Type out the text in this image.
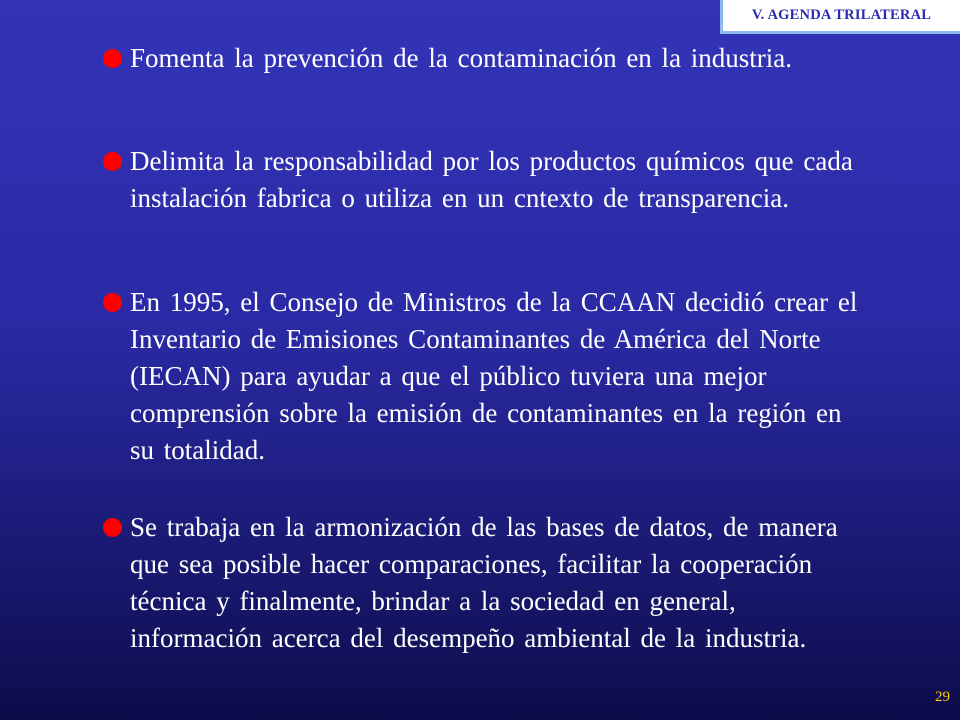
V. AGENDA TRILATERAL
Fomenta la prevención de la contaminación en la industria.
Delimita la responsabilidad por los productos químicos que cada instalación fabrica o utiliza en un cntexto de transparencia.
En 1995, el Consejo de Ministros de la CCAAN decidió crear el Inventario de Emisiones Contaminantes de América del Norte (IECAN) para ayudar a que el público tuviera una mejor comprensión sobre la emisión de contaminantes en la región en su totalidad.
Se trabaja en la armonización de las bases de datos, de manera que sea posible hacer comparaciones, facilitar la cooperación técnica y finalmente, brindar a la sociedad en general, información acerca del desempeño ambiental de la industria.
29
